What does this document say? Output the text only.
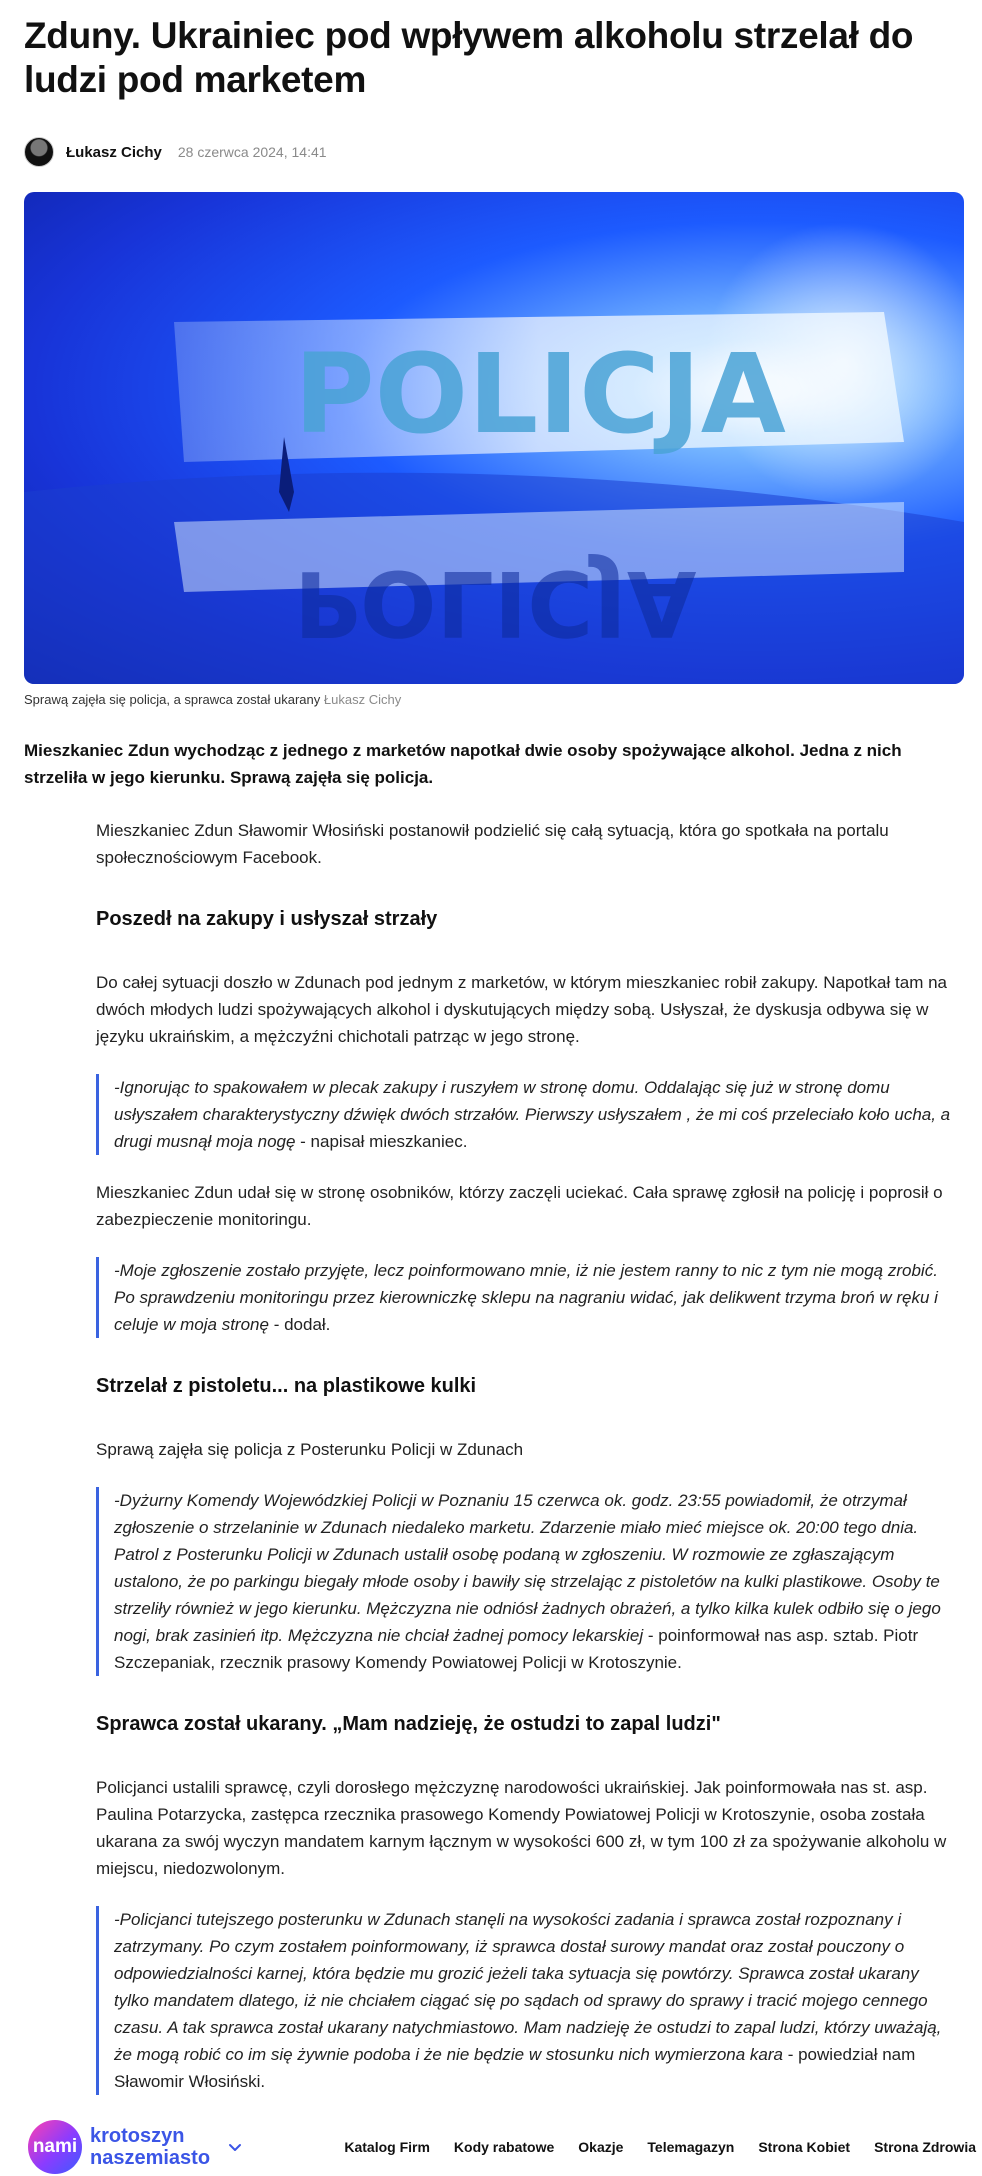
Zduny. Ukrainiec pod wpływem alkoholu strzelał do ludzi pod marketem
Łukasz Cichy 28 czerwca 2024, 14:41
POLICJA
POLICJA
Sprawą zajęła się policja, a sprawca został ukarany Łukasz Cichy

Mieszkaniec Zdun wychodząc z jednego z marketów napotkał dwie osoby spożywające alkohol. Jedna z nich strzeliła w jego kierunku. Sprawą zajęła się policja.

Mieszkaniec Zdun Sławomir Włosiński postanowił podzielić się całą sytuacją, która go spotkała na portalu społecznościowym Facebook.

Poszedł na zakupy i usłyszał strzały

Do całej sytuacji doszło w Zdunach pod jednym z marketów, w którym mieszkaniec robił zakupy. Napotkał tam na dwóch młodych ludzi spożywających alkohol i dyskutujących między sobą. Usłyszał, że dyskusja odbywa się w języku ukraińskim, a mężczyźni chichotali patrząc w jego stronę.

-Ignorując to spakowałem w plecak zakupy i ruszyłem w stronę domu. Oddalając się już w stronę domu usłyszałem charakterystyczny dźwięk dwóch strzałów. Pierwszy usłyszałem , że mi coś przeleciało koło ucha, a drugi musnął moja nogę - napisał mieszkaniec.

Mieszkaniec Zdun udał się w stronę osobników, którzy zaczęli uciekać. Cała sprawę zgłosił na policję i poprosił o zabezpieczenie monitoringu.

-Moje zgłoszenie zostało przyjęte, lecz poinformowano mnie, iż nie jestem ranny to nic z tym nie mogą zrobić. Po sprawdzeniu monitoringu przez kierowniczkę sklepu na nagraniu widać, jak delikwent trzyma broń w ręku i celuje w moja stronę - dodał.
Strzelał z pistoletu... na plastikowe kulki

Sprawą zajęła się policja z Posterunku Policji w Zdunach

-Dyżurny Komendy Wojewódzkiej Policji w Poznaniu 15 czerwca ok. godz. 23:55 powiadomił, że otrzymał zgłoszenie o strzelaninie w Zdunach niedaleko marketu. Zdarzenie miało mieć miejsce ok. 20:00 tego dnia. Patrol z Posterunku Policji w Zdunach ustalił osobę podaną w zgłoszeniu. W rozmowie ze zgłaszającym ustalono, że po parkingu biegały młode osoby i bawiły się strzelając z pistoletów na kulki plastikowe. Osoby te strzeliły również w jego kierunku. Mężczyzna nie odniósł żadnych obrażeń, a tylko kilka kulek odbiło się o jego nogi, brak zasinień itp. Mężczyzna nie chciał żadnej pomocy lekarskiej - poinformował nas asp. sztab. Piotr Szczepaniak, rzecznik prasowy Komendy Powiatowej Policji w Krotoszynie.
Sprawca został ukarany. „Mam nadzieję, że ostudzi to zapal ludzi"

Policjanci ustalili sprawcę, czyli dorosłego mężczyznę narodowości ukraińskiej. Jak poinformowała nas st. asp. Paulina Potarzycka, zastępca rzecznika prasowego Komendy Powiatowej Policji w Krotoszynie, osoba została ukarana za swój wyczyn mandatem karnym łącznym w wysokości 600 zł, w tym 100 zł za spożywanie alkoholu w miejscu, niedozwolonym.

-Policjanci tutejszego posterunku w Zdunach stanęli na wysokości zadania i sprawca został rozpoznany i zatrzymany. Po czym zostałem poinformowany, iż sprawca dostał surowy mandat oraz został pouczony o odpowiedzialności karnej, która będzie mu grozić jeżeli taka sytuacja się powtórzy. Sprawca został ukarany tylko mandatem dlatego, iż nie chciałem ciągać się po sądach od sprawy do sprawy i tracić mojego cennego czasu. A tak sprawca został ukarany natychmiastowo. Mam nadzieję że ostudzi to zapal ludzi, którzy uważają, że mogą robić co im się żywnie podoba i że nie będzie w stosunku nich wymierzona kara - powiedział nam Sławomir Włosiński.
nami krotoszyn
naszemiasto	Katalog Firm Kody rabatowe Okazje Telemagazyn Strona Kobiet Strona Zdrowia
